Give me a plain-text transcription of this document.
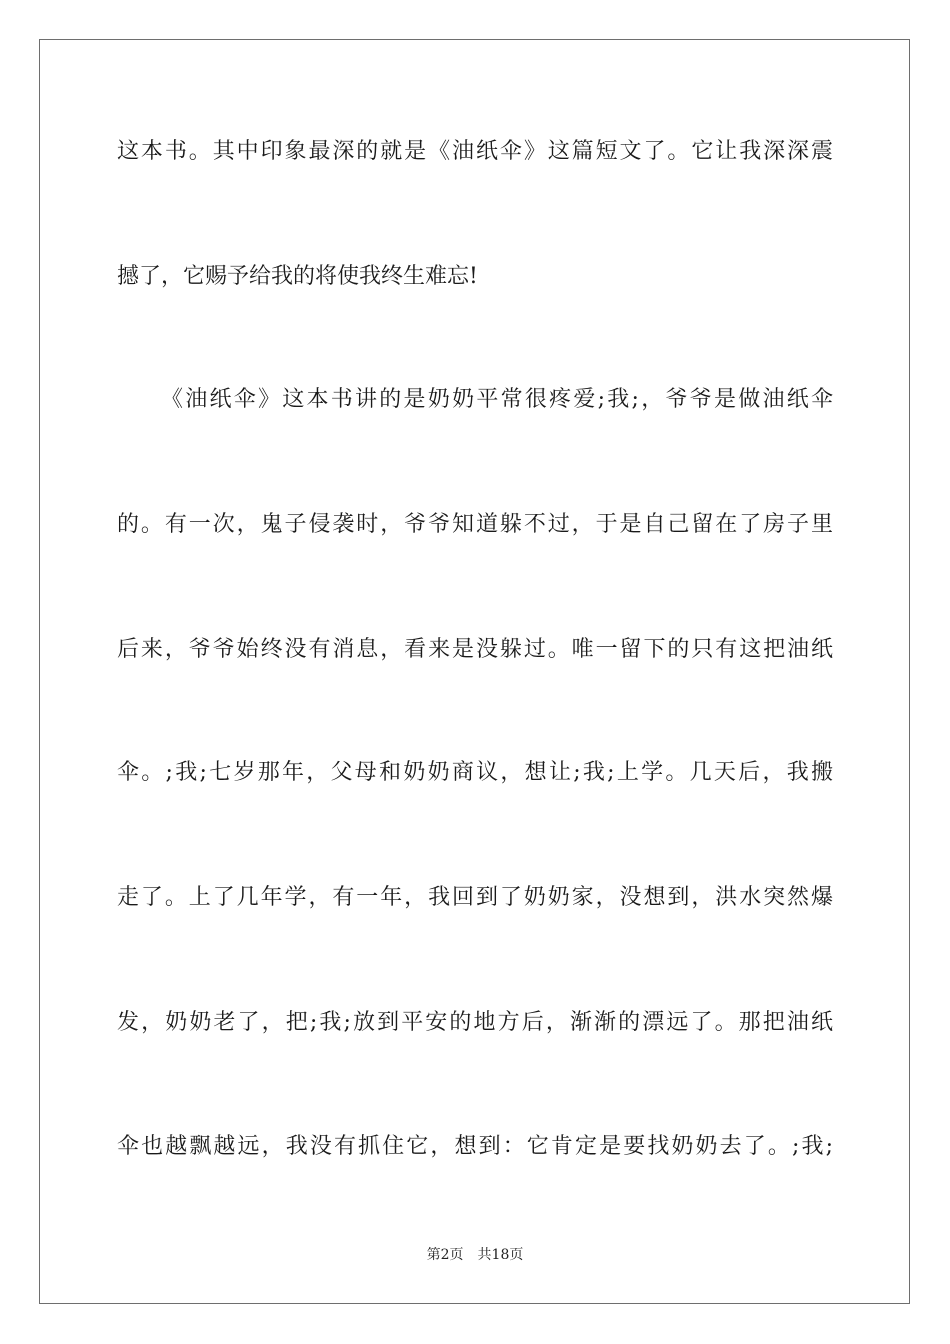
这本书。其中印象最深的就是《油纸伞》这篇短文了。它让我深深震
撼了，它赐予给我的将使我终生难忘!
《油纸伞》这本书讲的是奶奶平常很疼爱;我;，爷爷是做油纸伞
的。有一次，鬼子侵袭时，爷爷知道躲不过，于是自己留在了房子里
后来，爷爷始终没有消息，看来是没躲过。唯一留下的只有这把油纸
伞。;我;七岁那年，父母和奶奶商议，想让;我;上学。几天后，我搬
走了。上了几年学，有一年，我回到了奶奶家，没想到，洪水突然爆
发，奶奶老了，把;我;放到平安的地方后，渐渐的漂远了。那把油纸
伞也越飘越远，我没有抓住它，想到：它肯定是要找奶奶去了。;我;
第2页 共18页
